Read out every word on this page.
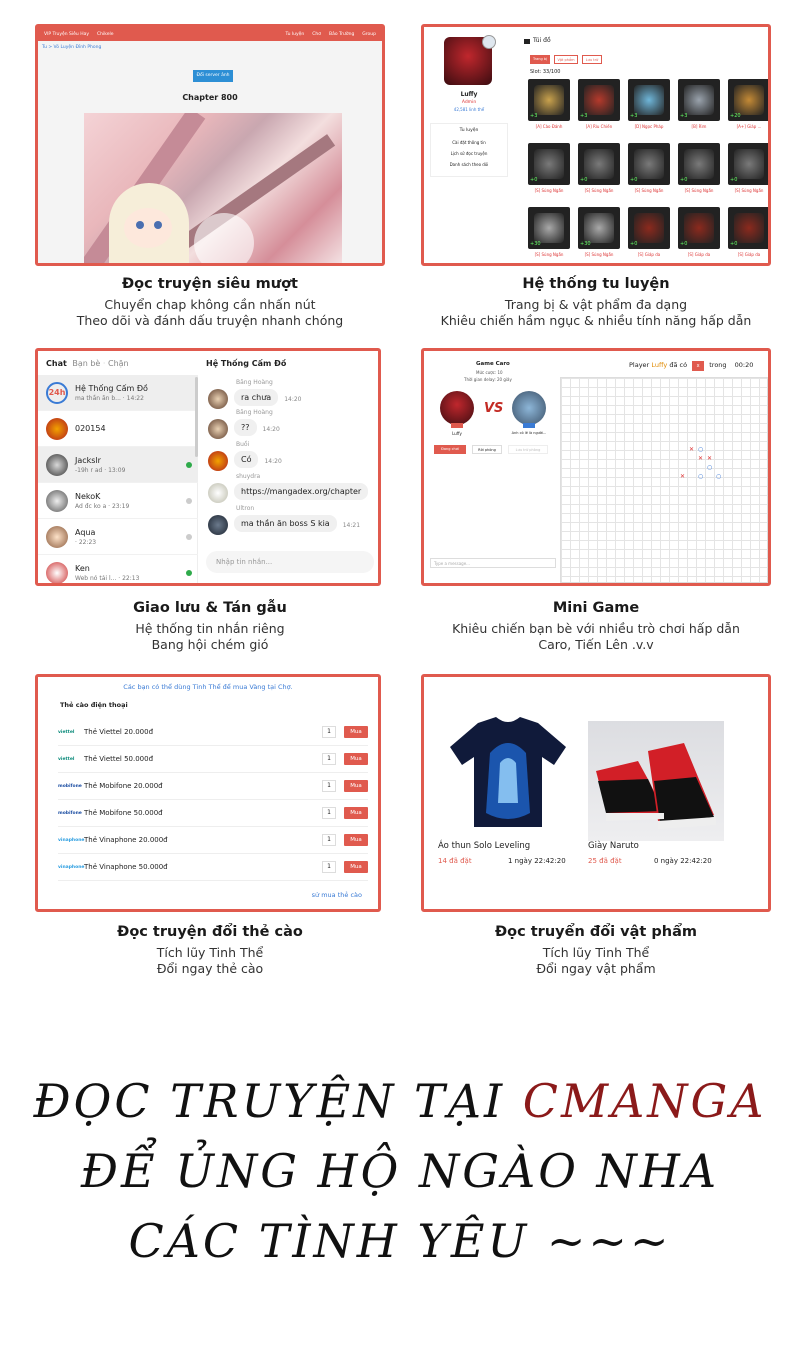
VIP Truyện Siêu Hay Chikele	Tu luyện Chơ Bảo Trường Group
Tu > Võ Luyện Đỉnh Phong
Đổi server ảnh
Chapter 800
Đọc truyện siêu mượt
Chuyển chap không cần nhấn nút
Theo dõi và đánh dấu truyện nhanh chóng
Luffy
Admin
42,581 linh thể
Tu luyện
Cài đặt thông tin
Lịch sử đọc truyện
Danh sách theo dõi
Túi đồ
Trang bị	Vật phẩm	Lưu trữ
Slot: 33/100
+3
[A] Cào Đánh
+3
[A] Rìu Chiến
+3
[D] Ngọc Pháp
+3
[B] Rìm
+20
[A+] Giáp ...
+0
[S] Súng Ngắn
+0
[S] Súng Ngắn
+0
[S] Súng Ngắn
+0
[S] Súng Ngắn
+0
[S] Súng Ngắn
+30
[S] Súng Ngắn
+30
[S] Súng Ngắn
+0
[S] Giáp da
+0
[S] Giáp da
+0
[S] Giáp da
Hệ thống tu luyện
Trang bị & vật phẩm đa dạng
Khiêu chiến hầm ngục & nhiều tính năng hấp dẫn
Chat Bạn bè · Chặn
24h	Hệ Thống Cấm Đồ
ma thần ăn b... · 14:22
020154
Jackslr
-19h r ad · 13:09
NekoK
Ad đc ko a · 23:19
Aqua
· 22:23
Ken
Web nó tải l... · 22:13
Hệ Thống Cấm Đồ
Băng Hoàng
ra chưa	14:20
Băng Hoàng
??	14:20
Buồi
Có	14:20
shuydra
https://mangadex.org/chapter
Ultron
ma thần ăn boss S kia	14:21
Nhập tin nhắn...
Giao lưu & Tán gẫu
Hệ thống tin nhắn riêng
Bang hội chém gió
Game Caro
Mức cược: 10
Thời gian delay: 20 giây
Player Luffy đã có x trong 00:20
Luffy
VS
Anh có lẽ là người...
Đang chơi	Rời phòng	Lưu trữ phòng
Type a message...
✕ ○
✕ ✕
○
✕ ○ ○
Mini Game
Khiêu chiến bạn bè với nhiều trò chơi hấp dẫn
Caro, Tiến Lên .v.v
Các bạn có thể dùng Tinh Thể để mua Vàng tại Chợ.
Thẻ cào điện thoại
sử mua thẻ cào
viettel	Thẻ Viettel 20.000đ	1	Mua
viettel	Thẻ Viettel 50.000đ	1	Mua
mobifone Thẻ Mobifone 20.000đ	1	Mua
mobifone Thẻ Mobifone 50.000đ	1	Mua
vinaphone Thẻ Vinaphone 20.000đ	1	Mua
vinaphone Thẻ Vinaphone 50.000đ	1	Mua
Đọc truyện đổi thẻ cào
Tích lũy Tinh Thể
Đổi ngay thẻ cào
Áo thun Solo Leveling
14 đã đặt	1 ngày 22:42:20
Giày Naruto
25 đã đặt	0 ngày 22:42:20
Đọc truyển đổi vật phẩm
Tích lũy Tinh Thể
Đổi ngay vật phẩm
ĐỌC TRUYỆN TẠI CMANGA
ĐỂ ỦNG HỘ NGÀO NHA
CÁC TÌNH YÊU ~~~
